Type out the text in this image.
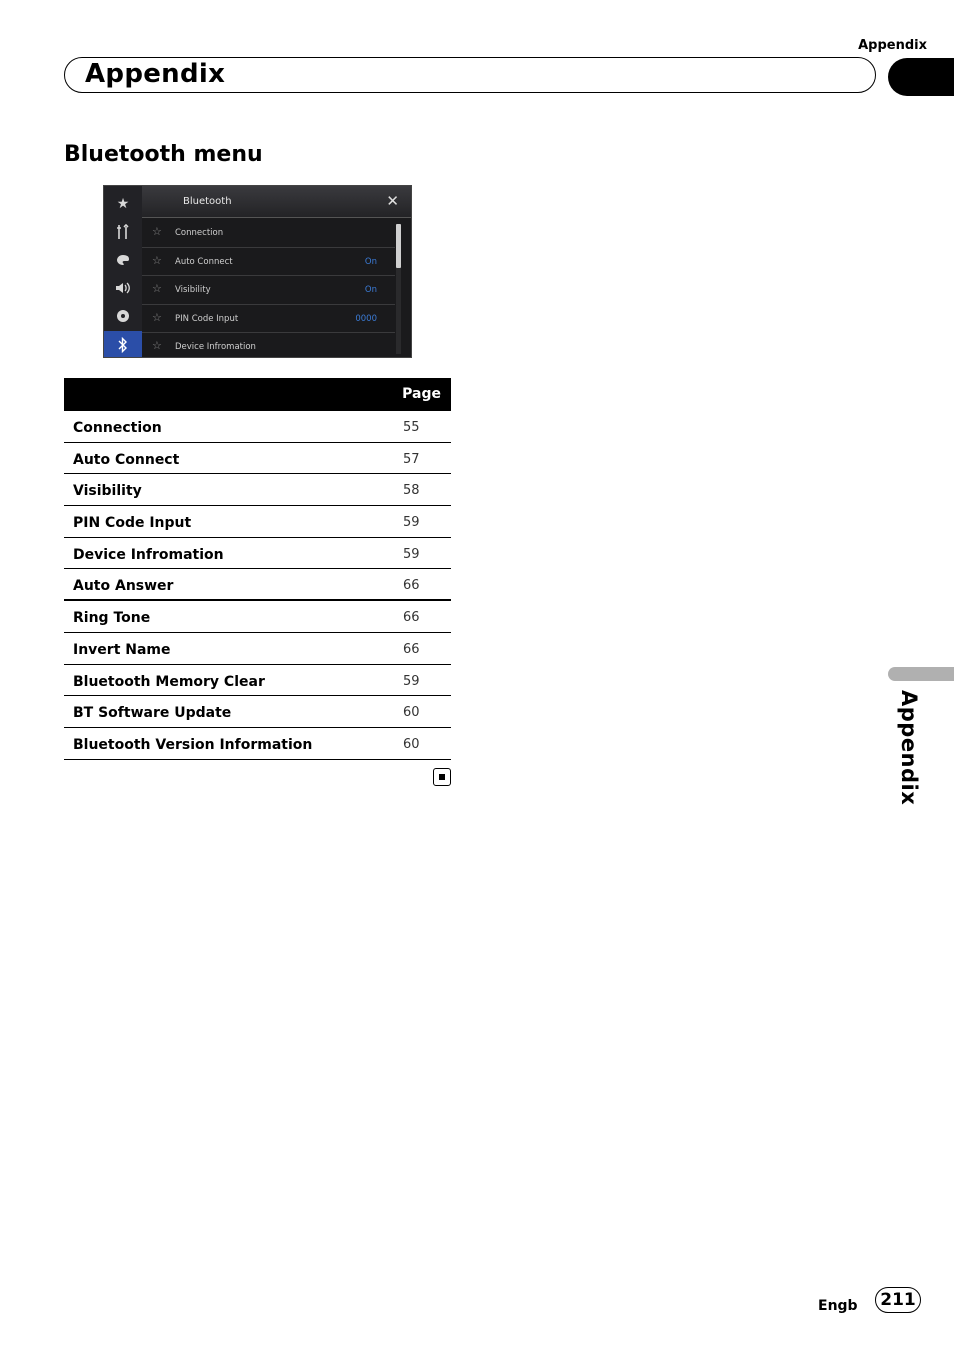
Appendix
Appendix
Bluetooth menu
★	Bluetooth	✕
☆ Connection
☆ Auto Connect	On
☆ Visibility	On
☆ PIN Code Input	0000
☆ Device Infromation
Page
Connection	55
Auto Connect	57
Visibility	58
PIN Code Input	59
Device Infromation	59
Auto Answer	66
Ring Tone	66
Invert Name	66
Bluetooth Memory Clear	59
BT Software Update	60
Bluetooth Version Information	60	Appendix
Engb	211
